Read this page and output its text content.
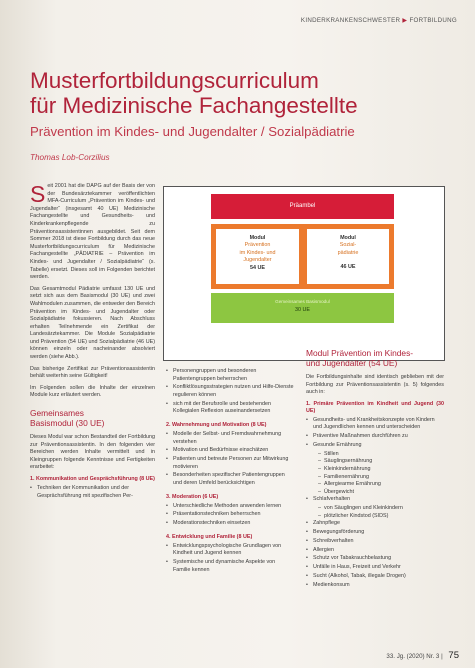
KINDERKRANKENSCHWESTER ▶ FORTBILDUNG
Musterfortbildungscurriculum
für Medizinische Fachangestellte
Prävention im Kindes- und Jugendalter / Sozialpädiatrie
Thomas Lob-Corzilius

Seit 2001 hat die DAPG auf der Basis der von der Bundesärztekammer veröffentlichten MFA-Curriculum „Prävention im Kindes- und Jugendalter“ (insgesamt 40 UE) Medizinische Fachangestellte und Gesundheits- und Kinderkrankenpflegende zu Präventionsassistentinnen ausgebildet. Seit dem Sommer 2018 ist diese Fortbildung durch das neue Musterfortbildungscurriculum für Medizinische Fachangestellte „PÄDIATRIE – Prävention im Kindes- und Jugendalter / Sozialpädiatrie“ (s. Tabelle) ersetzt. Dieses soll im Folgenden berichtet werden.

Das Gesamtmodul Pädiatrie umfasst 130 UE und setzt sich aus dem Basismodul (30 UE) und zwei Wahlmodulen zusammen, die entweder den Bereich Prävention im Kindes- und Jugendalter oder Sozialpädiatrie fokussieren. Nach Abschluss erhalten Teilnehmende ein Zertifikat der Landesärztekammer. Die Module Sozialpädiatrie und Prävention (54 UE) und Sozialpädiatrie (46 UE) können einzeln oder nacheinander absolviert werden (siehe Abb.).

Das bisherige Zertifikat zur Präventionsassistentin behält weiterhin seine Gültigkeit!

Im Folgenden sollen die Inhalte der einzelnen Module kurz erläutert werden.

Gemeinsames
Basismodul (30 UE)

Dieses Modul war schon Bestandteil der Fortbildung zur Präventionsassistentin. In den folgenden vier Bereichen werden Inhalte vermittelt und in Kleingruppen folgende Kenntnisse und Fertigkeiten erarbeitet:

1. Kommunikation und Gesprächsführung (8 UE)
• Techniken der Kommunikation und der Gesprächsführung mit spezifischen Per-
Präambel
Modul
Prävention
im Kindes- und
Jugendalter
54 UE
Modul
Sozial-
pädiatrie
46 UE
Gemeinsames Basismodul
30 UE
• Personengruppen und besonderen Patientengruppen beherrschen
• Konfliktlösungsstrategien nutzen und Hilfe-Dienste regulieren können
• sich mit der Berufsrolle und bestehenden Kollegialen Reflexion auseinandersetzen
2. Wahrnehmung und Motivation (8 UE)
• Modelle der Selbst- und Fremdwahrnehmung verstehen
• Motivation und Bedürfnisse einschätzen
• Patienten und betreute Personen zur Mitwirkung motivieren
• Besonderheiten spezifischer Patientengruppen und deren Umfeld berücksichtigen
3. Moderation (6 UE)
• Unterschiedliche Methoden anwenden lernen
• Präsentationstechniken beherrschen
• Moderationstechniken einsetzen
4. Entwicklung und Familie (8 UE)
• Entwicklungspsychologische Grundlagen von Kindheit und Jugend kennen
• Systemische und dynamische Aspekte von Familie kennen
Modul Prävention im Kindes-
und Jugendalter (54 UE)

Die Fortbildungsinhalte sind identisch geblieben mit der Fortbildung zur Präventionsassistentin (s. 5) folgendes auch in:

1. Primäre Prävention im Kindheit und Jugend (30 UE)
• Gesundheits- und Krankheitskonzepte von Kindern und Jugendlichen kennen und unterscheiden
• Präventive Maßnahmen durchführen zu
• Gesunde Ernährung
– Stillen
– Säuglingsernährung
– Kleinkindernährung
– Familienernährung
– Allergiearme Ernährung
– Übergewicht
• Schlafverhalten
– von Säuglingen und Kleinkindern
– plötzlicher Kindstod (SIDS)
• Zahnpflege
• Bewegungsförderung
• Schreibverhalten
• Allergien
• Schutz vor Tabakrauchbelastung
• Unfälle in Haus, Freizeit und Verkehr
• Sucht (Alkohol, Tabak, illegale Drogen)
• Medienkonsum
33. Jg. (2020) Nr. 3 | 75
